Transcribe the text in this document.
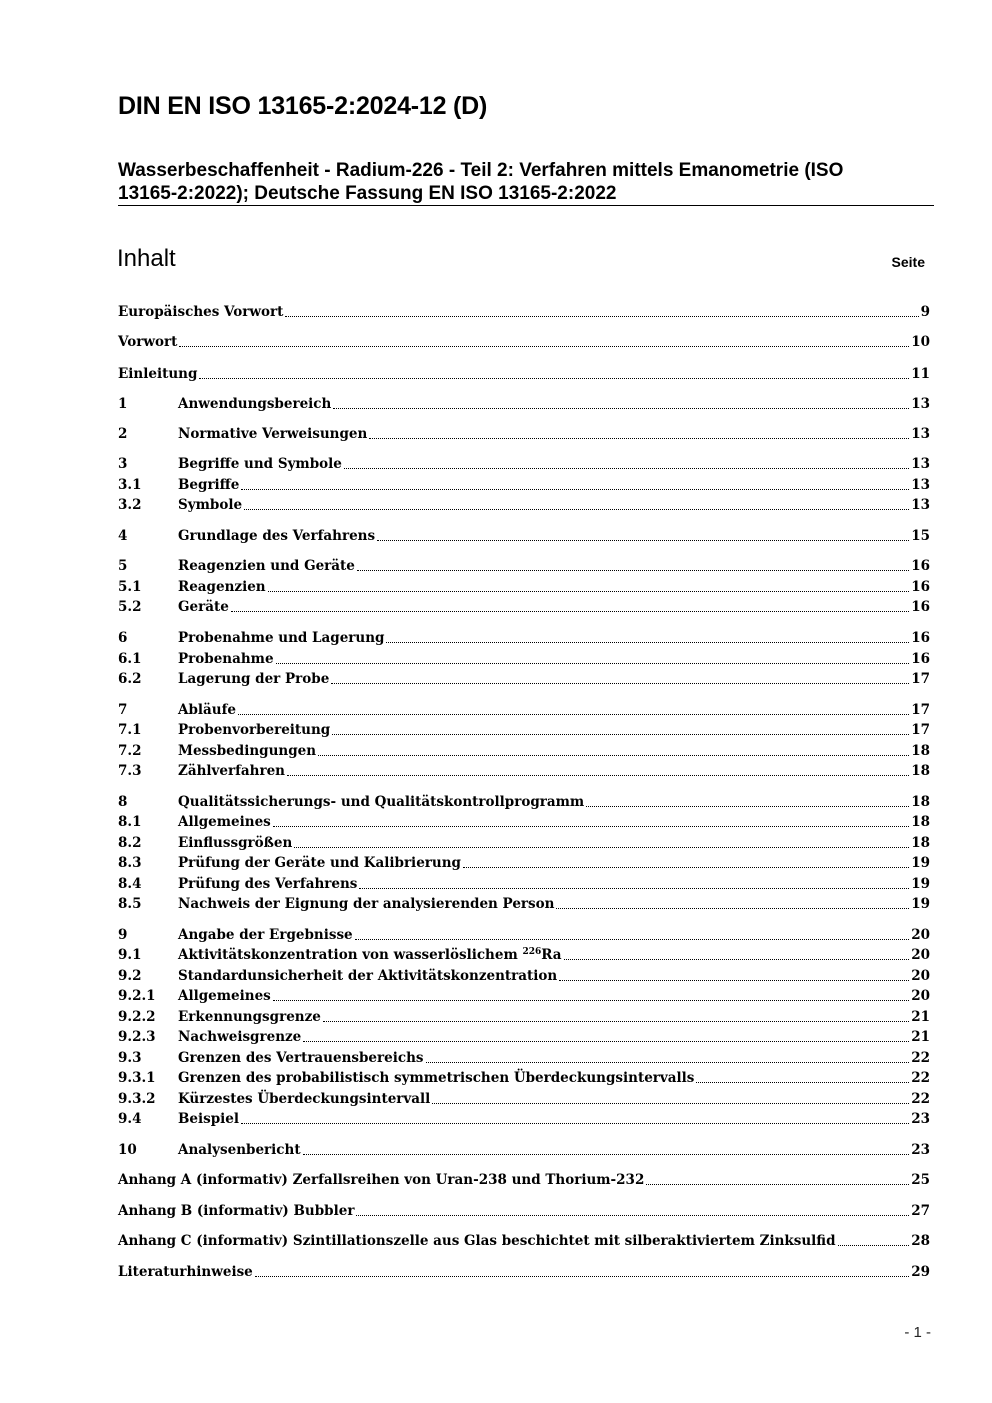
DIN EN ISO 13165-2:2024-12 (D)
Wasserbeschaffenheit - Radium-226 - Teil 2: Verfahren mittels Emanometrie (ISO 13165-2:2022); Deutsche Fassung EN ISO 13165-2:2022
Inhalt	Seite
Europäisches Vorwort	9
Vorwort	10
Einleitung	11
1	Anwendungsbereich	13
2	Normative Verweisungen	13
3	Begriffe und Symbole	13
3.1	Begriffe	13
3.2	Symbole	13
4	Grundlage des Verfahrens	15
5	Reagenzien und Geräte	16
5.1	Reagenzien	16
5.2	Geräte	16
6	Probenahme und Lagerung	16
6.1	Probenahme	16
6.2	Lagerung der Probe	17
7	Abläufe	17
7.1	Probenvorbereitung	17
7.2	Messbedingungen	18
7.3	Zählverfahren	18
8	Qualitätssicherungs- und Qualitätskontrollprogramm	18
8.1	Allgemeines	18
8.2	Einflussgrößen	18
8.3	Prüfung der Geräte und Kalibrierung	19
8.4	Prüfung des Verfahrens	19
8.5	Nachweis der Eignung der analysierenden Person	19
9	Angabe der Ergebnisse	20
9.1	Aktivitätskonzentration von wasserlöslichem $^{226}$Ra	20
9.2	Standardunsicherheit der Aktivitätskonzentration	20
9.2.1	Allgemeines	20
9.2.2	Erkennungsgrenze	21
9.2.3	Nachweisgrenze	21
9.3	Grenzen des Vertrauensbereichs	22
9.3.1	Grenzen des probabilistisch symmetrischen Überdeckungsintervalls	22
9.3.2	Kürzestes Überdeckungsintervall	22
9.4	Beispiel	23
10	Analysenbericht	23
Anhang A (informativ) Zerfallsreihen von Uran-238 und Thorium-232	25
Anhang B (informativ) Bubbler	27
Anhang C (informativ) Szintillationszelle aus Glas beschichtet mit silberaktiviertem Zinksulfid	28
Literaturhinweise	29
- 1 -
